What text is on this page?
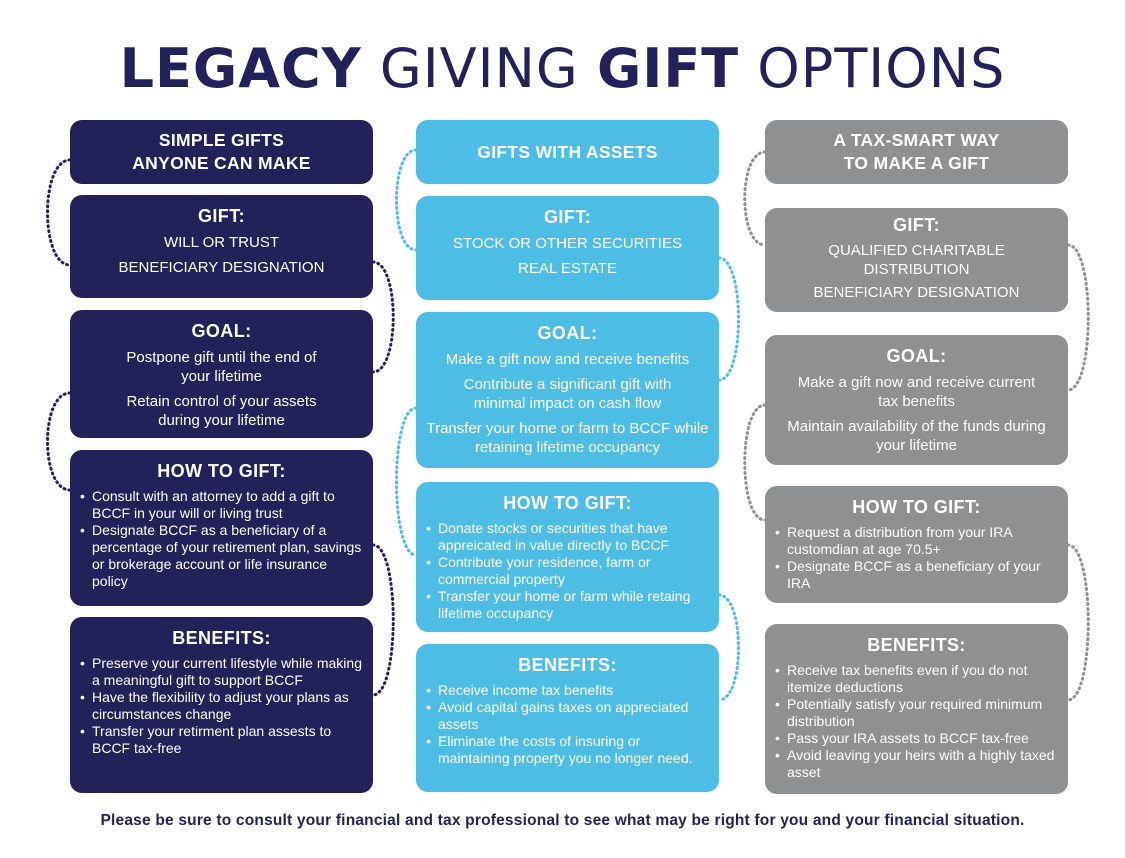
LEGACY GIVING GIFT OPTIONS
SIMPLE GIFTS
ANYONE CAN MAKE
GIFT:
WILL OR TRUST
BENEFICIARY DESIGNATION
GOAL:
Postpone gift until the end of your lifetime
Retain control of your assets during your lifetime
HOW TO GIFT:
• Consult with an attorney to add a gift to BCCF in your will or living trust
• Designate BCCF as a beneficiary of a percentage of your retirement plan, savings or brokerage account or life insurance policy
BENEFITS:
• Preserve your current lifestyle while making a meaningful gift to support BCCF
• Have the flexibility to adjust your plans as circumstances change
• Transfer your retirment plan assests to BCCF tax-free
GIFTS WITH ASSETS
GIFT:
STOCK OR OTHER SECURITIES
REAL ESTATE
GOAL:
Make a gift now and receive benefits
Contribute a significant gift with minimal impact on cash flow
Transfer your home or farm to BCCF while retaining lifetime occupancy
HOW TO GIFT:
• Donate stocks or securities that have appreicated in value directly to BCCF
• Contribute your residence, farm or commercial property
• Transfer your home or farm while retaing lifetime occupancy
BENEFITS:
• Receive income tax benefits
• Avoid capital gains taxes on appreciated assets
• Eliminate the costs of insuring or maintaining property you no longer need.
A TAX-SMART WAY
TO MAKE A GIFT
GIFT:
QUALIFIED CHARITABLE DISTRIBUTION
BENEFICIARY DESIGNATION
GOAL:
Make a gift now and receive current tax benefits
Maintain availability of the funds during your lifetime
HOW TO GIFT:
• Request a distribution from your IRA customdian at age 70.5+
• Designate BCCF as a beneficiary of your IRA
BENEFITS:
• Receive tax benefits even if you do not itemize deductions
• Potentially satisfy your required minimum distribution
• Pass your IRA assets to BCCF tax-free
• Avoid leaving your heirs with a highly taxed asset
Please be sure to consult your financial and tax professional to see what may be right for you and your financial situation.
